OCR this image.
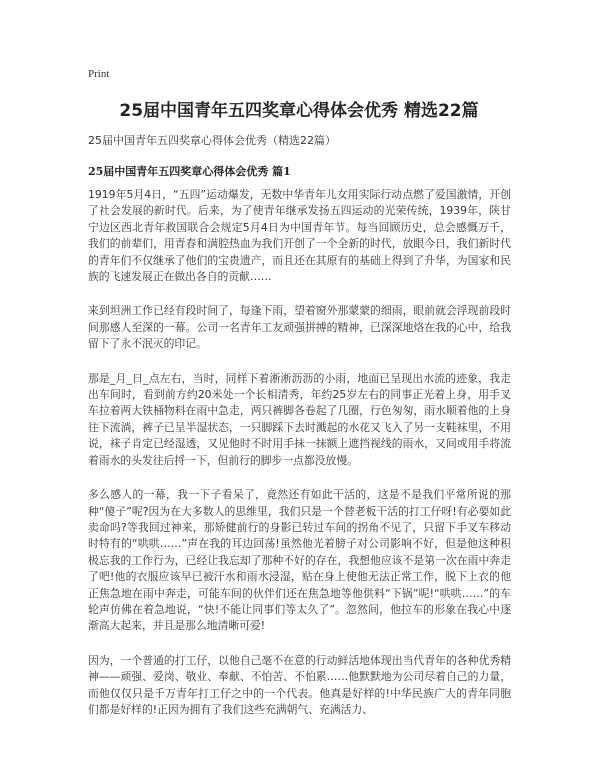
Print
25届中国青年五四奖章心得体会优秀 精选22篇
25届中国青年五四奖章心得体会优秀（精选22篇）
25届中国青年五四奖章心得体会优秀 篇1

1919年5月4日，“五四”运动爆发，无数中华青年儿女用实际行动点燃了爱国激情，开创了社会发展的新时代。后来，为了使青年继承发扬五四运动的光荣传统，1939年，陕甘宁边区西北青年救国联合会规定5月4日为中国青年节。每当回顾历史，总会感慨万千，我们的前辈们，用青春和满腔热血为我们开创了一个全新的时代，放眼今日，我们新时代的青年们不仅继承了他们的宝贵遗产，而且还在其原有的基础上得到了升华，为国家和民族的飞速发展正在做出各自的贡献……

来到坦洲工作已经有段时间了，每逢下雨，望着窗外那蒙蒙的细雨，眼前就会浮现前段时间那感人至深的一幕。公司一名青年工友顽强拼搏的精神，已深深地烙在我的心中，给我留下了永不泯灭的印记。

那是_月_日_点左右，当时，同样下着淅淅沥沥的小雨，地面已呈现出水流的迹象，我走出车间时，看到前方约20米处一个长相清秀，年约25岁左右的同事正光着上身，用手叉车拉着两大铁桶物料在雨中急走，两只裤脚各卷起了几圈，行色匆匆，雨水顺着他的上身往下流淌，裤子已呈半湿状态，一只脚踩下去时溅起的水花又飞入了另一支鞋袜里，不用说，袜子肯定已经湿透，又见他时不时用手抹一抹额上遮挡视线的雨水，又间或用手将流着雨水的头发往后捋一下，但前行的脚步一点都没放慢。

多么感人的一幕，我一下子看呆了，竟然还有如此干活的，这是不是我们平常所说的那种“傻子”呢?因为在大多数人的思维里，我们只是一个替老板干活的打工仔呀!有必要如此卖命吗?等我回过神来，那矫健前行的身影已转过车间的拐角不见了，只留下手叉车移动时特有的“哄哄……”声在我的耳边回荡!虽然他光着膀子对公司影响不好，但是他这种积极忘我的工作行为，已经让我忘却了那种不好的存在，我想他应该不是第一次在雨中奔走了吧!他的衣服应该早已被汗水和雨水浸湿，贴在身上使他无法正常工作，脱下上衣的他正焦急地在雨中奔走，可能车间的伙伴们还在焦急地等他供料“下锅”呢!“哄哄……”的车轮声仿佛在着急地说，“快!不能让同事们等太久了”。忽然间，他拉车的形象在我心中逐渐高大起来，并且是那么地清晰可爱!

因为，一个普通的打工仔，以他自己毫不在意的行动鲜活地体现出当代青年的各种优秀精神——顽强、爱岗、敬业、奉献、不怕苦、不怕累……他默默地为公司尽着自己的力量，而他仅仅只是千万青年打工仔之中的一个代表。他真是好样的!中华民族广大的青年同胞们都是好样的!正因为拥有了我们这些充满朝气、充满活力、
